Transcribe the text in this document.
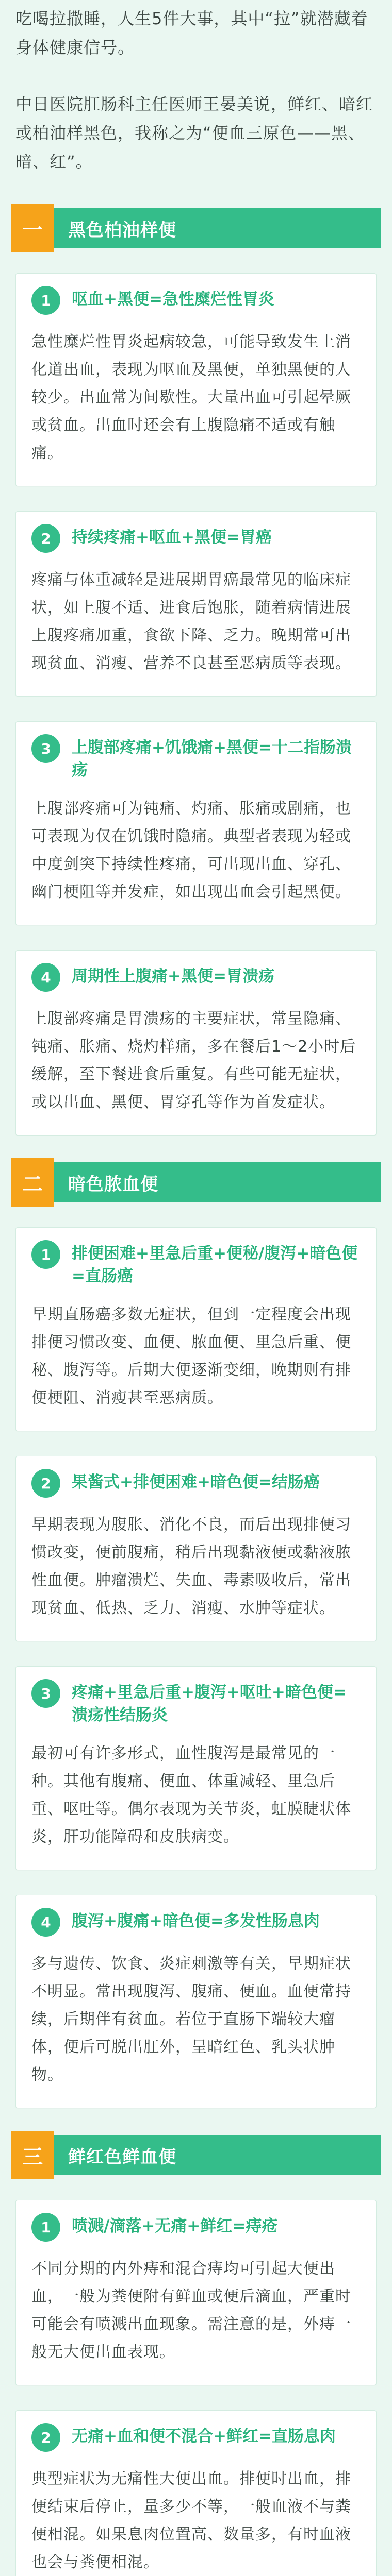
吃喝拉撒睡，人生5件大事，其中“拉”就潜藏着身体健康信号。

中日医院肛肠科主任医师王晏美说，鲜红、暗红或柏油样黑色，我称之为“便血三原色——黑、暗、红”。

一	黑色柏油样便
1	呕血+黑便=急性糜烂性胃炎

急性糜烂性胃炎起病较急，可能导致发生上消化道出血，表现为呕血及黑便，单独黑便的人较少。出血常为间歇性。大量出血可引起晕厥或贫血。出血时还会有上腹隐痛不适或有触痛。

2	持续疼痛+呕血+黑便=胃癌

疼痛与体重减轻是进展期胃癌最常见的临床症状，如上腹不适、进食后饱胀，随着病情进展上腹疼痛加重，食欲下降、乏力。晚期常可出现贫血、消瘦、营养不良甚至恶病质等表现。

3	上腹部疼痛+饥饿痛+黑便=十二指肠溃疡

上腹部疼痛可为钝痛、灼痛、胀痛或剧痛，也可表现为仅在饥饿时隐痛。典型者表现为轻或中度剑突下持续性疼痛，可出现出血、穿孔、幽门梗阻等并发症，如出现出血会引起黑便。

4	周期性上腹痛+黑便=胃溃疡

上腹部疼痛是胃溃疡的主要症状，常呈隐痛、钝痛、胀痛、烧灼样痛，多在餐后1～2小时后缓解，至下餐进食后重复。有些可能无症状，或以出血、黑便、胃穿孔等作为首发症状。

二	暗色脓血便
1	排便困难+里急后重+便秘/腹泻+暗色便=直肠癌

早期直肠癌多数无症状，但到一定程度会出现排便习惯改变、血便、脓血便、里急后重、便秘、腹泻等。后期大便逐渐变细，晚期则有排便梗阻、消瘦甚至恶病质。

2	果酱式+排便困难+暗色便=结肠癌

早期表现为腹胀、消化不良，而后出现排便习惯改变，便前腹痛，稍后出现黏液便或黏液脓性血便。肿瘤溃烂、失血、毒素吸收后，常出现贫血、低热、乏力、消瘦、水肿等症状。

3	疼痛+里急后重+腹泻+呕吐+暗色便=溃疡性结肠炎

最初可有许多形式，血性腹泻是最常见的一种。其他有腹痛、便血、体重减轻、里急后重、呕吐等。偶尔表现为关节炎，虹膜睫状体炎，肝功能障碍和皮肤病变。

4	腹泻+腹痛+暗色便=多发性肠息肉

多与遗传、饮食、炎症刺激等有关，早期症状不明显。常出现腹泻、腹痛、便血。血便常持续，后期伴有贫血。若位于直肠下端较大瘤体，便后可脱出肛外，呈暗红色、乳头状肿物。

三	鲜红色鲜血便
1	喷溅/滴落+无痛+鲜红=痔疮

不同分期的内外痔和混合痔均可引起大便出血，一般为粪便附有鲜血或便后滴血，严重时可能会有喷溅出血现象。需注意的是，外痔一般无大便出血表现。

2	无痛+血和便不混合+鲜红=直肠息肉

典型症状为无痛性大便出血。排便时出血，排便结束后停止，量多少不等，一般血液不与粪便相混。如果息肉位置高、数量多，有时血液也会与粪便相混。
